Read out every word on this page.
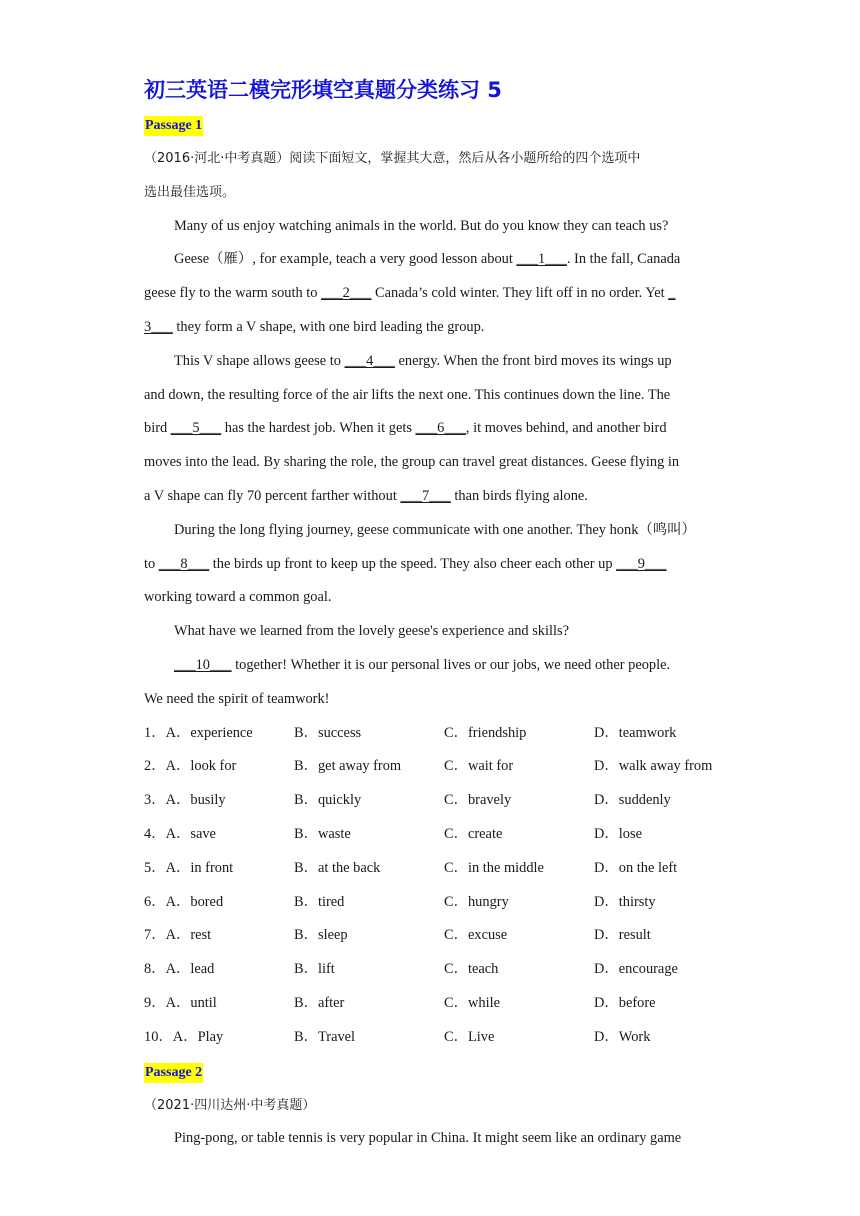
初三英语二模完形填空真题分类练习 5
Passage 1

（2016·河北·中考真题）阅读下面短文，掌握其大意，然后从各小题所给的四个选项中

选出最佳选项。

Many of us enjoy watching animals in the world. But do you know they can teach us?

Geese（雁）, for example, teach a very good lesson about ___1___. In the fall, Canada

geese fly to the warm south to ___2___ Canada’s cold winter. They lift off in no order. Yet _

3___ they form a V shape, with one bird leading the group.

This V shape allows geese to ___4___ energy. When the front bird moves its wings up

and down, the resulting force of the air lifts the next one. This continues down the line. The

bird ___5___ has the hardest job. When it gets ___6___, it moves behind, and another bird

moves into the lead. By sharing the role, the group can travel great distances. Geese flying in

a V shape can fly 70 percent farther without ___7___ than birds flying alone.

During the long flying journey, geese communicate with one another. They honk（鸣叫）

to ___8___ the birds up front to keep up the speed. They also cheer each other up ___9___

working toward a common goal.

What have we learned from the lovely geese's experience and skills?

___10___ together! Whether it is our personal lives or our jobs, we need other people.

We need the spirit of teamwork!

1．A．experience	B．success	C．friendship	D．teamwork
2．A．look for	B．get away from	C．wait for	D．walk away from
3．A．busily	B．quickly	C．bravely	D．suddenly
4．A．save	B．waste	C．create	D．lose
5．A．in front	B．at the back	C．in the middle	D．on the left
6．A．bored	B．tired	C．hungry	D．thirsty
7．A．rest	B．sleep	C．excuse	D．result
8．A．lead	B．lift	C．teach	D．encourage
9．A．until	B．after	C．while	D．before
10．A．Play	B．Travel	C．Live	D．Work
Passage 2

（2021·四川达州·中考真题）

Ping-pong, or table tennis is very popular in China. It might seem like an ordinary game
